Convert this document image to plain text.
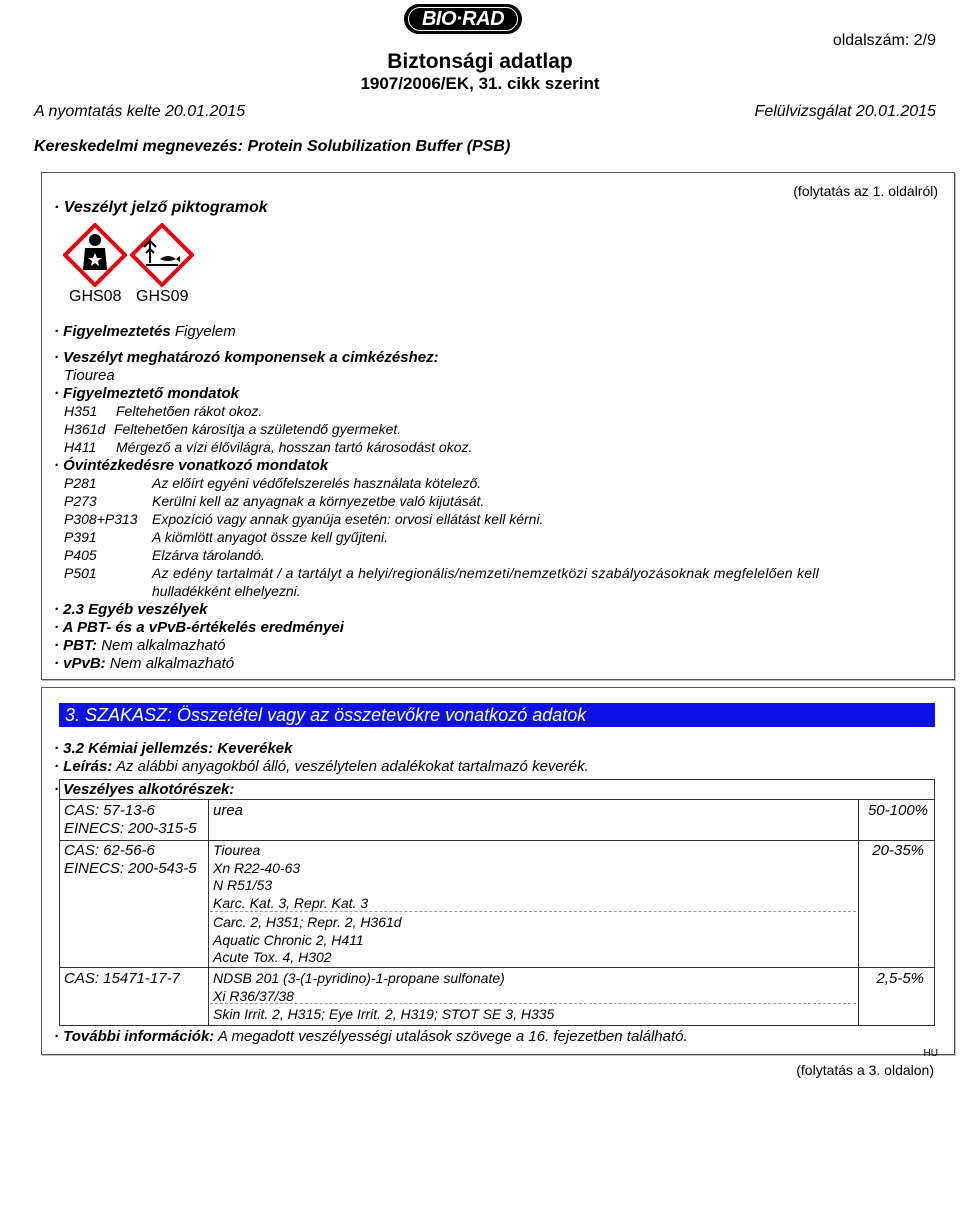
BIO·RAD
oldalszám: 2/9
Biztonsági adatlap
1907/2006/EK, 31. cikk szerint
A nyomtatás kelte 20.01.2015	Felülvizsgálat 20.01.2015
Kereskedelmi megnevezés: Protein Solubilization Buffer (PSB)
(folytatás az 1. oldalról)
· Veszélyt jelző piktogramok
GHS08 GHS09
· Figyelmeztetés Figyelem
· Veszélyt meghatározó komponensek a cimkézéshez:
Tiourea
· Figyelmeztető mondatok
H351 Feltehetően rákot okoz.
H361d Feltehetően károsítja a születendő gyermeket.
H411 Mérgező a vízi élővilágra, hosszan tartó károsodást okoz.
· Óvintézkedésre vonatkozó mondatok
P281	Az előírt egyéni védőfelszerelés használata kötelező.
P273	Kerülni kell az anyagnak a környezetbe való kijutását.
P308+P313 Expozíció vagy annak gyanúja esetén: orvosi ellátást kell kérni.
P391	A kiömlött anyagot össze kell gyűjteni.
P405	Elzárva tárolandó.
P501	Az edény tartalmát / a tartályt a helyi/regionális/nemzeti/nemzetközi szabályozásoknak megfelelően kell
hulladékként elhelyezni.
· 2.3 Egyéb veszélyek
· A PBT- és a vPvB-értékelés eredményei
· PBT: Nem alkalmazható
· vPvB: Nem alkalmazható
3. SZAKASZ: Összetétel vagy az összetevőkre vonatkozó adatok
· 3.2 Kémiai jellemzés: Keverékek
· Leírás: Az alábbi anyagokból álló, veszélytelen adalékokat tartalmazó keverék.
· Veszélyes alkotórészek:
CAS: 57-13-6
EINECS: 200-315-5
urea	50-100%
CAS: 62-56-6
EINECS: 200-543-5
Tiourea
Xn R22-40-63
N R51/53
Karc. Kat. 3, Repr. Kat. 3
Carc. 2, H351; Repr. 2, H361d
Aquatic Chronic 2, H411
Acute Tox. 4, H302
20-35%
CAS: 15471-17-7 NDSB 201 (3-(1-pyridino)-1-propane sulfonate)
Xi R36/37/38
Skin Irrit. 2, H315; Eye Irrit. 2, H319; STOT SE 3, H335
2,5-5%
· További információk: A megadott veszélyességi utalások szövege a 16. fejezetben található.
HU
(folytatás a 3. oldalon)
